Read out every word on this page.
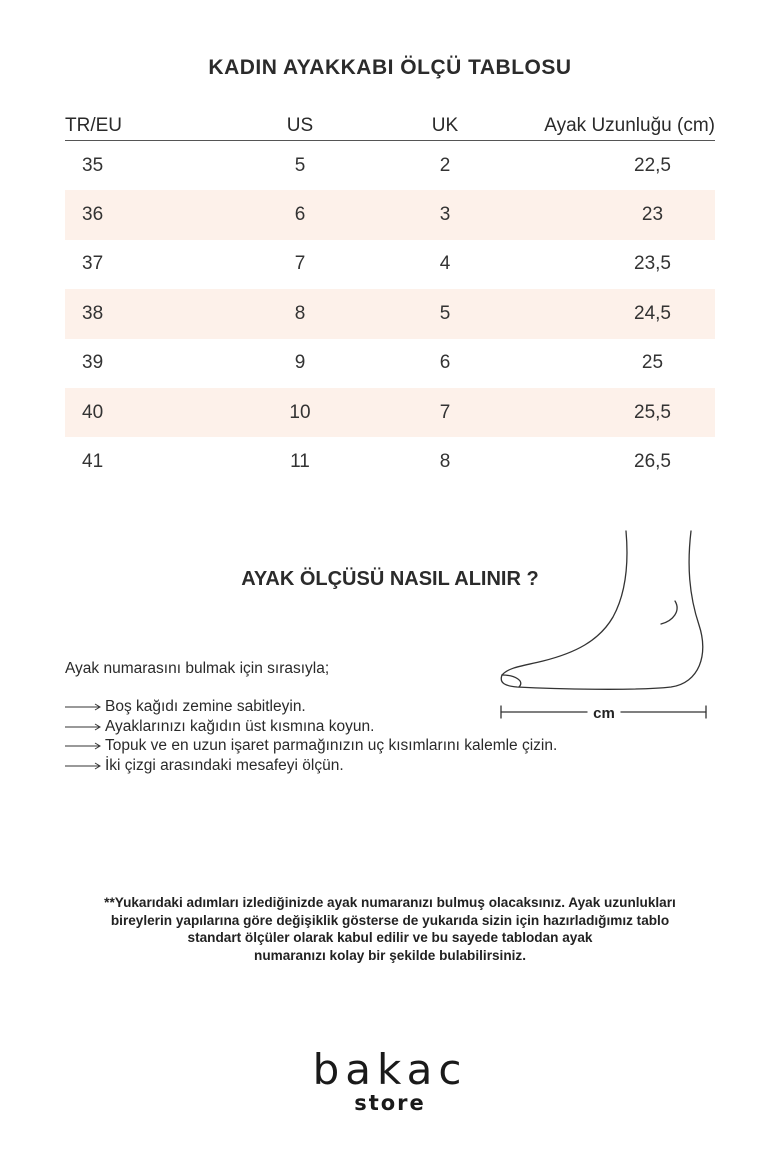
KADIN AYAKKABI ÖLÇÜ TABLOSU
TR/EU	US	UK	Ayak Uzunluğu (cm)
35	5	2	22,5
36	6	3	23
37	7	4	23,5
38	8	5	24,5
39	9	6	25
40	10	7	25,5
41	11	8	26,5
AYAK ÖLÇÜSÜ NASIL ALINIR ?
cm
Ayak numarasını bulmak için sırasıyla;
Boş kağıdı zemine sabitleyin.
Ayaklarınızı kağıdın üst kısmına koyun.
Topuk ve en uzun işaret parmağınızın uç kısımlarını kalemle çizin.
İki çizgi arasındaki mesafeyi ölçün.
**Yukarıdaki adımları izlediğinizde ayak numaranızı bulmuş olacaksınız. Ayak uzunlukları
bireylerin yapılarına göre değişiklik gösterse de yukarıda sizin için hazırladığımız tablo
standart ölçüler olarak kabul edilir ve bu sayede tablodan ayak
numaranızı kolay bir şekilde bulabilirsiniz.
bakac
store
